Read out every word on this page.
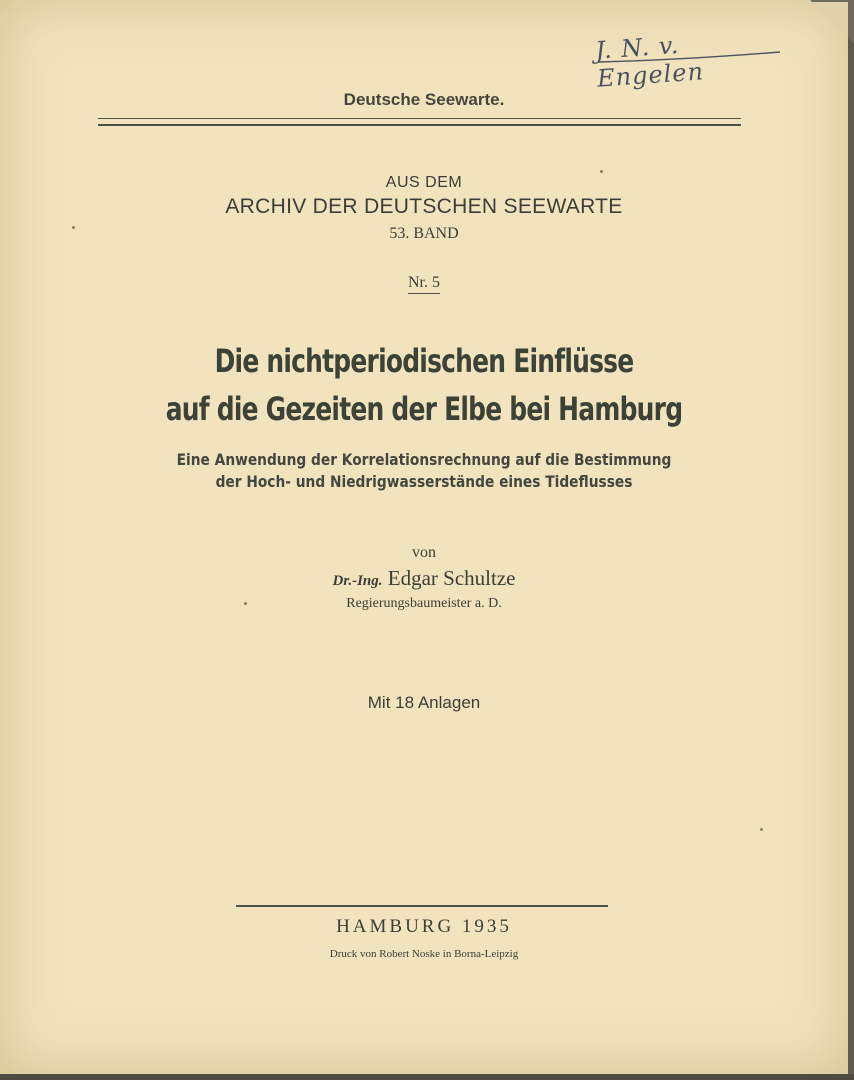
J. N. v. Engelen
Deutsche Seewarte.
AUS DEM
ARCHIV DER DEUTSCHEN SEEWARTE
53. BAND
Nr. 5
Die nichtperiodischen Einflüsse
auf die Gezeiten der Elbe bei Hamburg
Eine Anwendung der Korrelationsrechnung auf die Bestimmung
der Hoch- und Niedrigwasserstände eines Tideflusses
von
Dr.-Ing. Edgar Schultze
Regierungsbaumeister a. D.
Mit 18 Anlagen
HAMBURG 1935
Druck von Robert Noske in Borna-Leipzig
